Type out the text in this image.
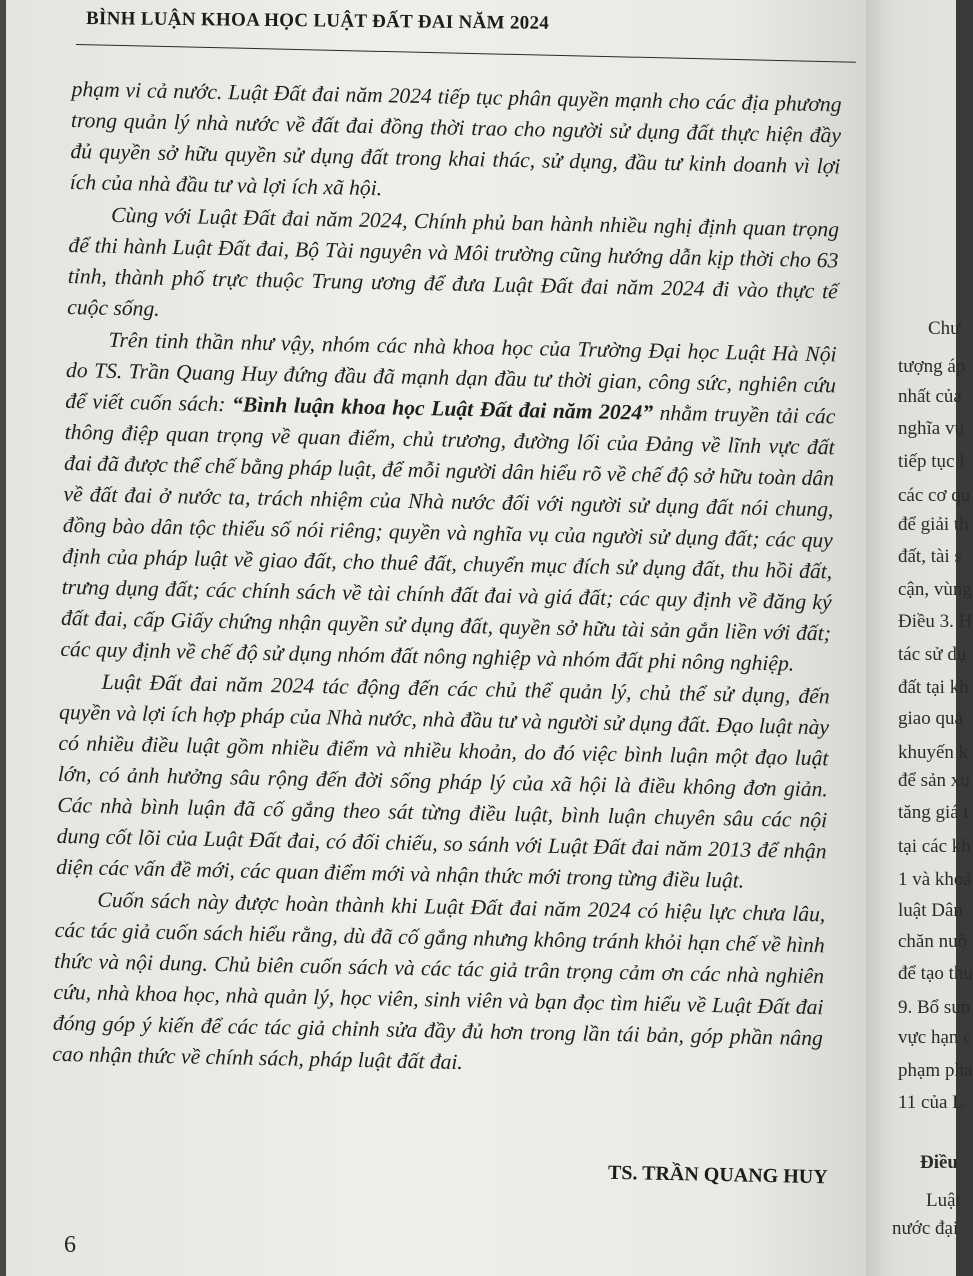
BÌNH LUẬN KHOA HỌC LUẬT ĐẤT ĐAI NĂM 2024

phạm vi cả nước. Luật Đất đai năm 2024 tiếp tục phân quyền mạnh cho các địa phương trong quản lý nhà nước về đất đai đồng thời trao cho người sử dụng đất thực hiện đầy đủ quyền sở hữu quyền sử dụng đất trong khai thác, sử dụng, đầu tư kinh doanh vì lợi ích của nhà đầu tư và lợi ích xã hội.

Cùng với Luật Đất đai năm 2024, Chính phủ ban hành nhiều nghị định quan trọng để thi hành Luật Đất đai, Bộ Tài nguyên và Môi trường cũng hướng dẫn kịp thời cho 63 tỉnh, thành phố trực thuộc Trung ương để đưa Luật Đất đai năm 2024 đi vào thực tế cuộc sống.

Trên tinh thần như vậy, nhóm các nhà khoa học của Trường Đại học Luật Hà Nội do TS. Trần Quang Huy đứng đầu đã mạnh dạn đầu tư thời gian, công sức, nghiên cứu để viết cuốn sách: “Bình luận khoa học Luật Đất đai năm 2024” nhằm truyền tải các thông điệp quan trọng về quan điểm, chủ trương, đường lối của Đảng về lĩnh vực đất đai đã được thể chế bằng pháp luật, để mỗi người dân hiểu rõ về chế độ sở hữu toàn dân về đất đai ở nước ta, trách nhiệm của Nhà nước đối với người sử dụng đất nói chung, đồng bào dân tộc thiểu số nói riêng; quyền và nghĩa vụ của người sử dụng đất; các quy định của pháp luật về giao đất, cho thuê đất, chuyển mục đích sử dụng đất, thu hồi đất, trưng dụng đất; các chính sách về tài chính đất đai và giá đất; các quy định về đăng ký đất đai, cấp Giấy chứng nhận quyền sử dụng đất, quyền sở hữu tài sản gắn liền với đất; các quy định về chế độ sử dụng nhóm đất nông nghiệp và nhóm đất phi nông nghiệp.

Luật Đất đai năm 2024 tác động đến các chủ thể quản lý, chủ thể sử dụng, đến quyền và lợi ích hợp pháp của Nhà nước, nhà đầu tư và người sử dụng đất. Đạo luật này có nhiều điều luật gồm nhiều điểm và nhiều khoản, do đó việc bình luận một đạo luật lớn, có ảnh hưởng sâu rộng đến đời sống pháp lý của xã hội là điều không đơn giản. Các nhà bình luận đã cố gắng theo sát từng điều luật, bình luận chuyên sâu các nội dung cốt lõi của Luật Đất đai, có đối chiếu, so sánh với Luật Đất đai năm 2013 để nhận diện các vấn đề mới, các quan điểm mới và nhận thức mới trong từng điều luật.

Cuốn sách này được hoàn thành khi Luật Đất đai năm 2024 có hiệu lực chưa lâu, các tác giả cuốn sách hiểu rằng, dù đã cố gắng nhưng không tránh khỏi hạn chế về hình thức và nội dung. Chủ biên cuốn sách và các tác giả trân trọng cảm ơn các nhà nghiên cứu, nhà khoa học, nhà quản lý, học viên, sinh viên và bạn đọc tìm hiểu về Luật Đất đai đóng góp ý kiến để các tác giả chỉnh sửa đầy đủ hơn trong lần tái bản, góp phần nâng cao nhận thức về chính sách, pháp luật đất đai.

TS. TRẦN QUANG HUY
6
Chư
tượng áp
nhất của
nghĩa vụ
tiếp tục l
các cơ qu
để giải th
đất, tài s
cận, vùng
Điều 3. H
tác sử dụ
đất tại kh
giao quả
khuyến k
để sản xu
tăng giá t
tại các kh
1 và khoả
luật Dân
chăn nuô
để tạo thu
9. Bổ sun
vực hạn c
phạm pha
11 của L
Điều
Luật
nước đại
